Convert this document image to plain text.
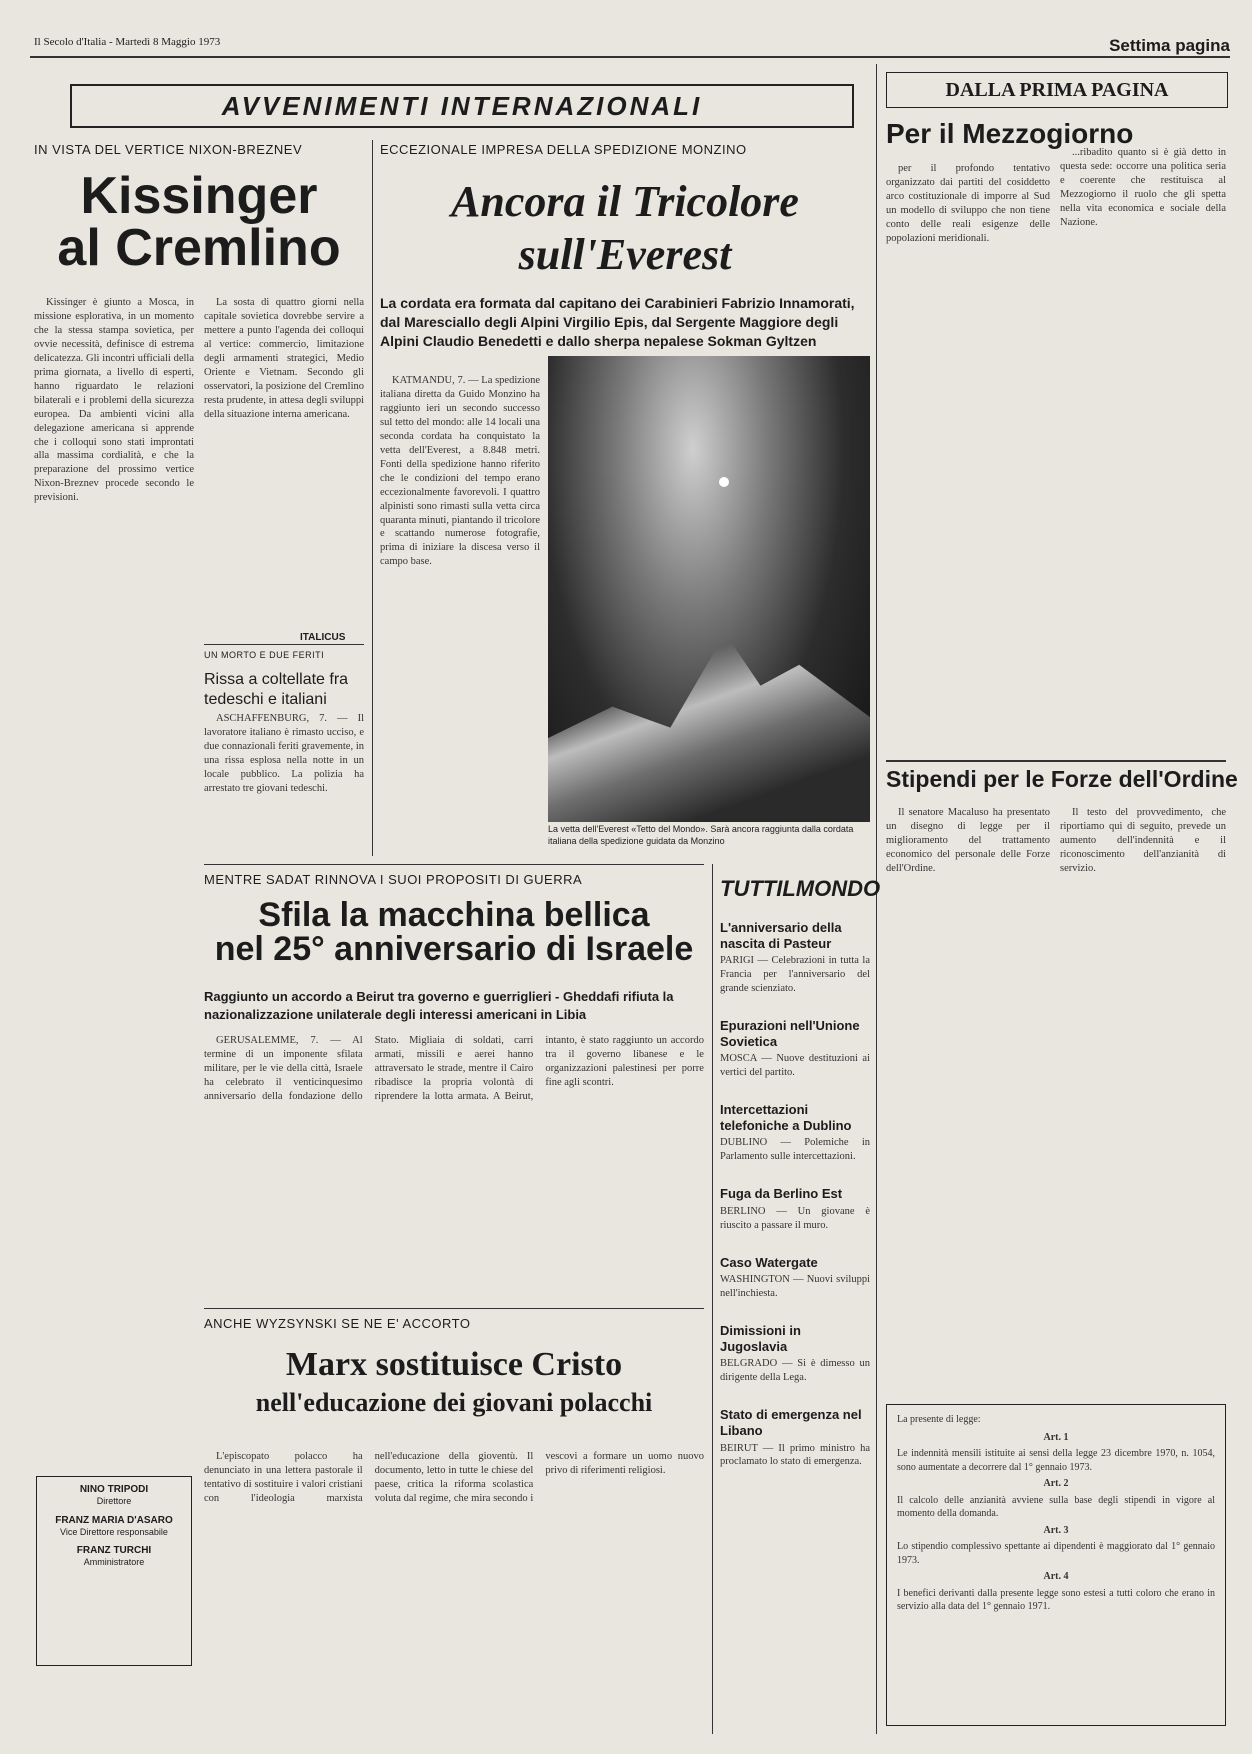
Il Secolo d'Italia - Martedì 8 Maggio 1973	Settima pagina
AVVENIMENTI INTERNAZIONALI
IN VISTA DEL VERTICE NIXON-BREZNEV
Kissinger
al Cremlino

Kissinger è giunto a Mosca, in missione esplorativa, in un momento che la stessa stampa sovietica, per ovvie necessità, definisce di estrema delicatezza. Gli incontri ufficiali della prima giornata, a livello di esperti, hanno riguardato le relazioni bilaterali e i problemi della sicurezza europea. Da ambienti vicini alla delegazione americana si apprende che i colloqui sono stati improntati alla massima cordialità, e che la preparazione del prossimo vertice Nixon-Breznev procede secondo le previsioni.

La sosta di quattro giorni nella capitale sovietica dovrebbe servire a mettere a punto l'agenda dei colloqui al vertice: commercio, limitazione degli armamenti strategici, Medio Oriente e Vietnam. Secondo gli osservatori, la posizione del Cremlino resta prudente, in attesa degli sviluppi della situazione interna americana.

ITALICUS
UN MORTO E DUE FERITI
Rissa a coltellate fra tedeschi e italiani

ASCHAFFENBURG, 7. — Il lavoratore italiano è rimasto ucciso, e due connazionali feriti gravemente, in una rissa esplosa nella notte in un locale pubblico. La polizia ha arrestato tre giovani tedeschi.

ECCEZIONALE IMPRESA DELLA SPEDIZIONE MONZINO
Ancora il Tricolore
sull'Everest
La cordata era formata dal capitano dei Carabinieri Fabrizio Innamorati, dal Maresciallo degli Alpini Virgilio Epis, dal Sergente Maggiore degli Alpini Claudio Benedetti e dallo sherpa nepalese Sokman Gyltzen

KATMANDU, 7. — La spedizione italiana diretta da Guido Monzino ha raggiunto ieri un secondo successo sul tetto del mondo: alle 14 locali una seconda cordata ha conquistato la vetta dell'Everest, a 8.848 metri. Fonti della spedizione hanno riferito che le condizioni del tempo erano eccezionalmente favorevoli. I quattro alpinisti sono rimasti sulla vetta circa quaranta minuti, piantando il tricolore e scattando numerose fotografie, prima di iniziare la discesa verso il campo base.

La vetta dell'Everest «Tetto del Mondo». Sarà ancora raggiunta dalla cordata italiana della spedizione guidata da Monzino
MENTRE SADAT RINNOVA I SUOI PROPOSITI DI GUERRA
Sfila la macchina bellica
nel 25° anniversario di Israele
Raggiunto un accordo a Beirut tra governo e guerriglieri - Gheddafi rifiuta la nazionalizzazione unilaterale degli interessi americani in Libia

GERUSALEMME, 7. — Al termine di un imponente sfilata militare, per le vie della città, Israele ha celebrato il venticinquesimo anniversario della fondazione dello Stato. Migliaia di soldati, carri armati, missili e aerei hanno attraversato le strade, mentre il Cairo ribadisce la propria volontà di riprendere la lotta armata. A Beirut, intanto, è stato raggiunto un accordo tra il governo libanese e le organizzazioni palestinesi per porre fine agli scontri.

TUTTILMONDO
L'anniversario della nascita di Pasteur
PARIGI — Celebrazioni in tutta la Francia per l'anniversario del grande scienziato.
Epurazioni nell'Unione Sovietica
MOSCA — Nuove destituzioni ai vertici del partito.
Intercettazioni telefoniche a Dublino
DUBLINO — Polemiche in Parlamento sulle intercettazioni.
Fuga da Berlino Est
BERLINO — Un giovane è riuscito a passare il muro.
Caso Watergate
WASHINGTON — Nuovi sviluppi nell'inchiesta.
Dimissioni in Jugoslavia
BELGRADO — Si è dimesso un dirigente della Lega.
Stato di emergenza nel Libano
BEIRUT — Il primo ministro ha proclamato lo stato di emergenza.
ANCHE WYZSYNSKI SE NE E' ACCORTO
Marx sostituisce Cristo
nell'educazione dei giovani polacchi

L'episcopato polacco ha denunciato in una lettera pastorale il tentativo di sostituire i valori cristiani con l'ideologia marxista nell'educazione della gioventù. Il documento, letto in tutte le chiese del paese, critica la riforma scolastica voluta dal regime, che mira secondo i vescovi a formare un uomo nuovo privo di riferimenti religiosi.

NINO TRIPODI
Direttore
FRANZ MARIA D'ASARO
Vice Direttore responsabile
FRANZ TURCHI
Amministratore
DALLA PRIMA PAGINA
Per il Mezzogiorno

per il profondo tentativo organizzato dai partiti del cosiddetto arco costituzionale di imporre al Sud un modello di sviluppo che non tiene conto delle reali esigenze delle popolazioni meridionali.

...ribadito quanto si è già detto in questa sede: occorre una politica seria e coerente che restituisca al Mezzogiorno il ruolo che gli spetta nella vita economica e sociale della Nazione.

Stipendi per le Forze dell'Ordine

Il senatore Macaluso ha presentato un disegno di legge per il miglioramento del trattamento economico del personale delle Forze dell'Ordine.

Il testo del provvedimento, che riportiamo qui di seguito, prevede un aumento dell'indennità e il riconoscimento dell'anzianità di servizio.

La presente di legge:
Art. 1
Le indennità mensili istituite ai sensi della legge 23 dicembre 1970, n. 1054, sono aumentate a decorrere dal 1° gennaio 1973.
Art. 2
Il calcolo delle anzianità avviene sulla base degli stipendi in vigore al momento della domanda.
Art. 3
Lo stipendio complessivo spettante ai dipendenti è maggiorato dal 1° gennaio 1973.
Art. 4
I benefici derivanti dalla presente legge sono estesi a tutti coloro che erano in servizio alla data del 1° gennaio 1971.
